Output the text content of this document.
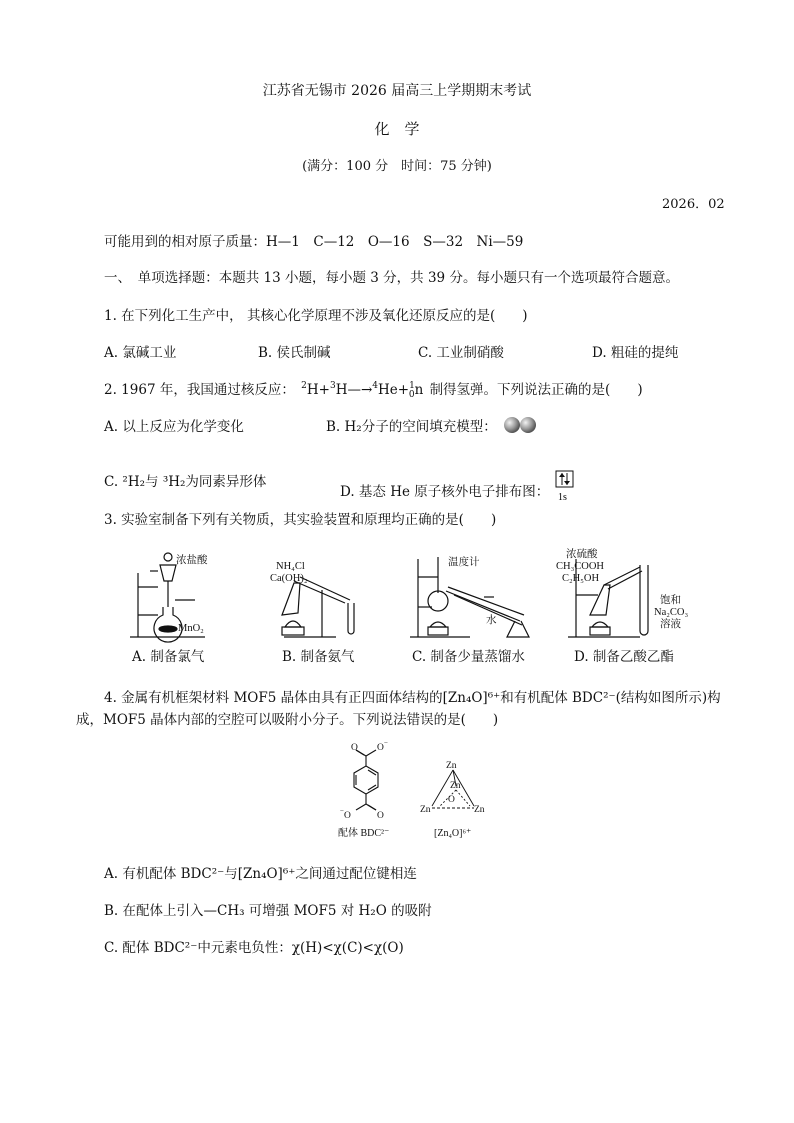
江苏省无锡市 2026 届高三上学期期末考试
化　学
(满分：100 分　时间：75 分钟)
2026．02
可能用到的相对原子质量：H—1　C—12　O—16　S—32　Ni—59
一、　单项选择题：本题共 13 小题，每小题 3 分，共 39 分。每小题只有一个选项最符合题意。
1. 在下列化工生产中， 其核心化学原理不涉及氧化还原反应的是(　　)
A. 氯碱工业	B. 侯氏制碱	C. 工业制硝酸	D. 粗硅的提纯
2. 1967 年，我国通过核反应： $^2$H+$^3$H—→$^4$He+$^1_0$n 制得氢弹。下列说法正确的是(　　)
A. 以上反应为化学变化	B. H₂分子的空间填充模型：
C. ²H₂与 ³H₂为同素异形体
D. 基态 He 原子核外电子排布图： 1s
3. 实验室制备下列有关物质，其实验装置和原理均正确的是(　　)
浓盐酸
MnO₂
NH₄Cl
Ca(OH)₂
温度计
水
浓硫酸
CH₃COOH
C₂H₅OH
饱和
Na₂CO₃
溶液
A. 制备氯气	B. 制备氨气	C. 制备少量蒸馏水	D. 制备乙酸乙酯
4. 金属有机框架材料 MOF5 晶体由具有正四面体结构的[Zn₄O]⁶⁺和有机配体 BDC²⁻(结构如图所示)构
成，MOF5 晶体内部的空腔可以吸附小分子。下列说法错误的是(　　)
O O −
O
−	O
配体 BDC²⁻
Zn
Zn
O
Zn	Zn
[Zn₄O]⁶⁺
A. 有机配体 BDC²⁻与[Zn₄O]⁶⁺之间通过配位键相连
B. 在配体上引入—CH₃ 可增强 MOF5 对 H₂O 的吸附
C. 配体 BDC²⁻中元素电负性：χ(H)<χ(C)<χ(O)
